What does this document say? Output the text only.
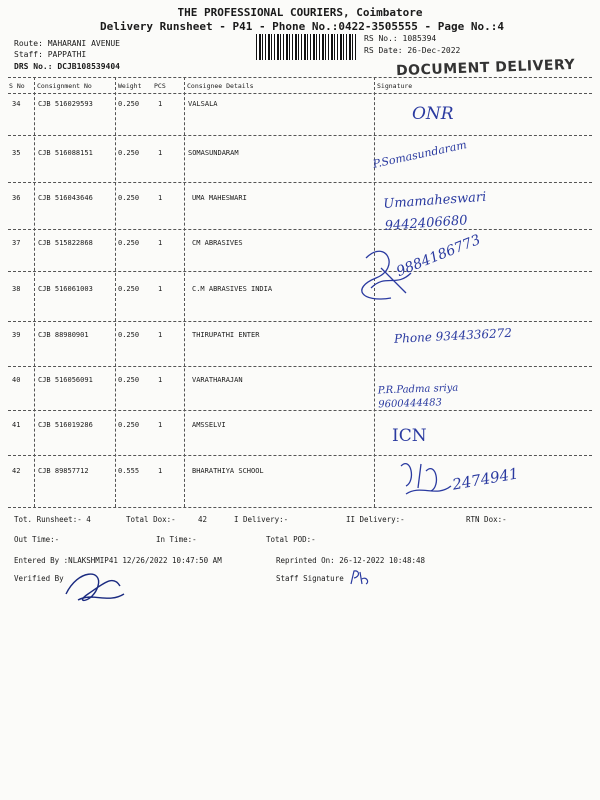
THE PROFESSIONAL COURIERS, Coimbatore
Delivery Runsheet - P41 - Phone No.:0422-3505555 - Page No.:4
Route: MAHARANI AVENUE
Staff: PAPPATHI
DRS No.: DCJB108539404
RS No.: 1085394
RS Date: 26-Dec-2022
DOCUMENT DELIVERY
S No Consignment No	Weight PCS	Consignee Details	Signature
34	CJB 516029593	0.250	1	VALSALA
35	CJB 516088151	0.250	1	SOMASUNDARAM
36	CJB 516043646	0.250	1	UMA MAHESWARI
37	CJB 515822868	0.250	1	CM ABRASIVES
38	CJB 516061003	0.250	1	C.M ABRASIVES INDIA
39	CJB 88980901	0.250	1	THIRUPATHI ENTER
40	CJB 516056091	0.250	1	VARATHARAJAN
41	CJB 516019286	0.250	1	AMSSELVI
42	CJB 89857712	0.555	1	BHARATHIYA SCHOOL
ONR
P.Somasundaram
Umamaheswari 9442406680
9884186773
Phone 9344336272
P.R.Padma sriya 9600444483
ICN
2474941
Tot. Runsheet:- 4	Total Dox:-	42	I Delivery:-	II Delivery:-	RTN Dox:-
Out Time:-	In Time:-	Total POD:-
Entered By :NLAKSHMIP41 12/26/2022 10:47:50 AM	Reprinted On: 26-12-2022 10:48:48
Verified By	Staff Signature
